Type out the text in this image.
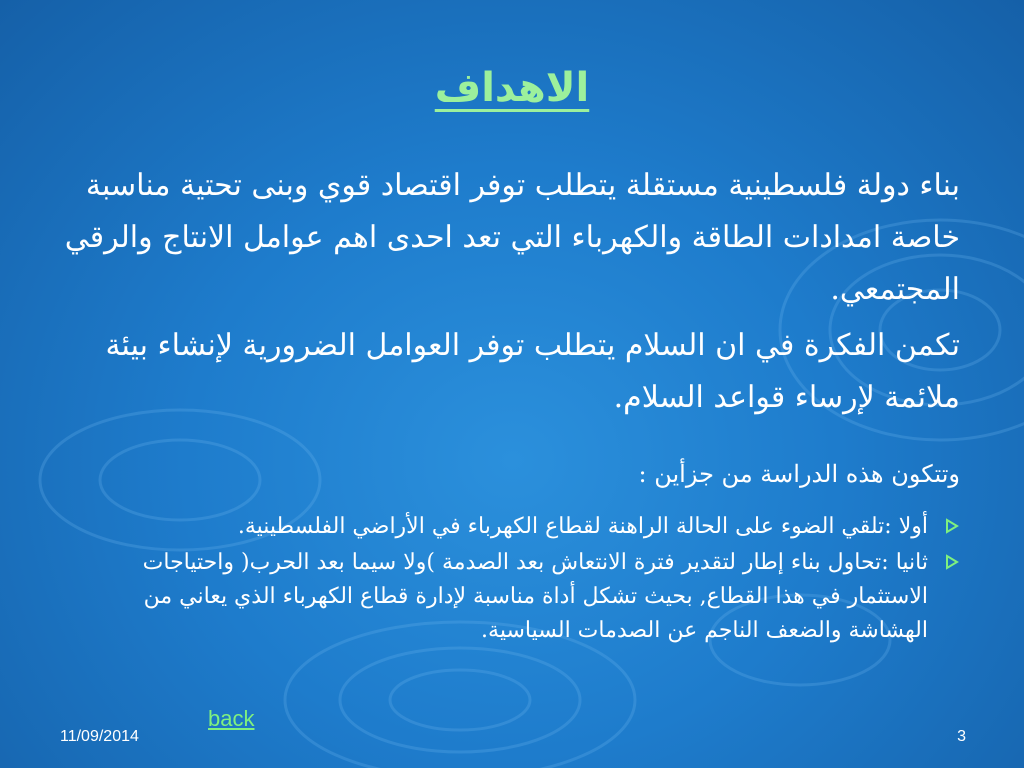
الاهداف
بناء دولة فلسطينية مستقلة يتطلب توفر اقتصاد قوي وبنى تحتية مناسبة خاصة امدادات الطاقة والكهرباء التي تعد احدى اهم عوامل الانتاج والرقي المجتمعي.
تكمن الفكرة في ان السلام يتطلب توفر العوامل الضرورية لإنشاء بيئة ملائمة لإرساء قواعد السلام.
وتتكون هذه الدراسة من جزأين :
أولا :تلقي الضوء على الحالة الراهنة لقطاع الكهرباء في الأراضي الفلسطينية.
ثانيا :تحاول بناء إطار لتقدير فترة الانتعاش بعد الصدمة )ولا سيما بعد الحرب( واحتياجات الاستثمار في هذا القطاع, بحيث تشكل أداة مناسبة لإدارة قطاع الكهرباء الذي يعاني من الهشاشة والضعف الناجم عن الصدمات السياسية.
back
11/09/2014	3
